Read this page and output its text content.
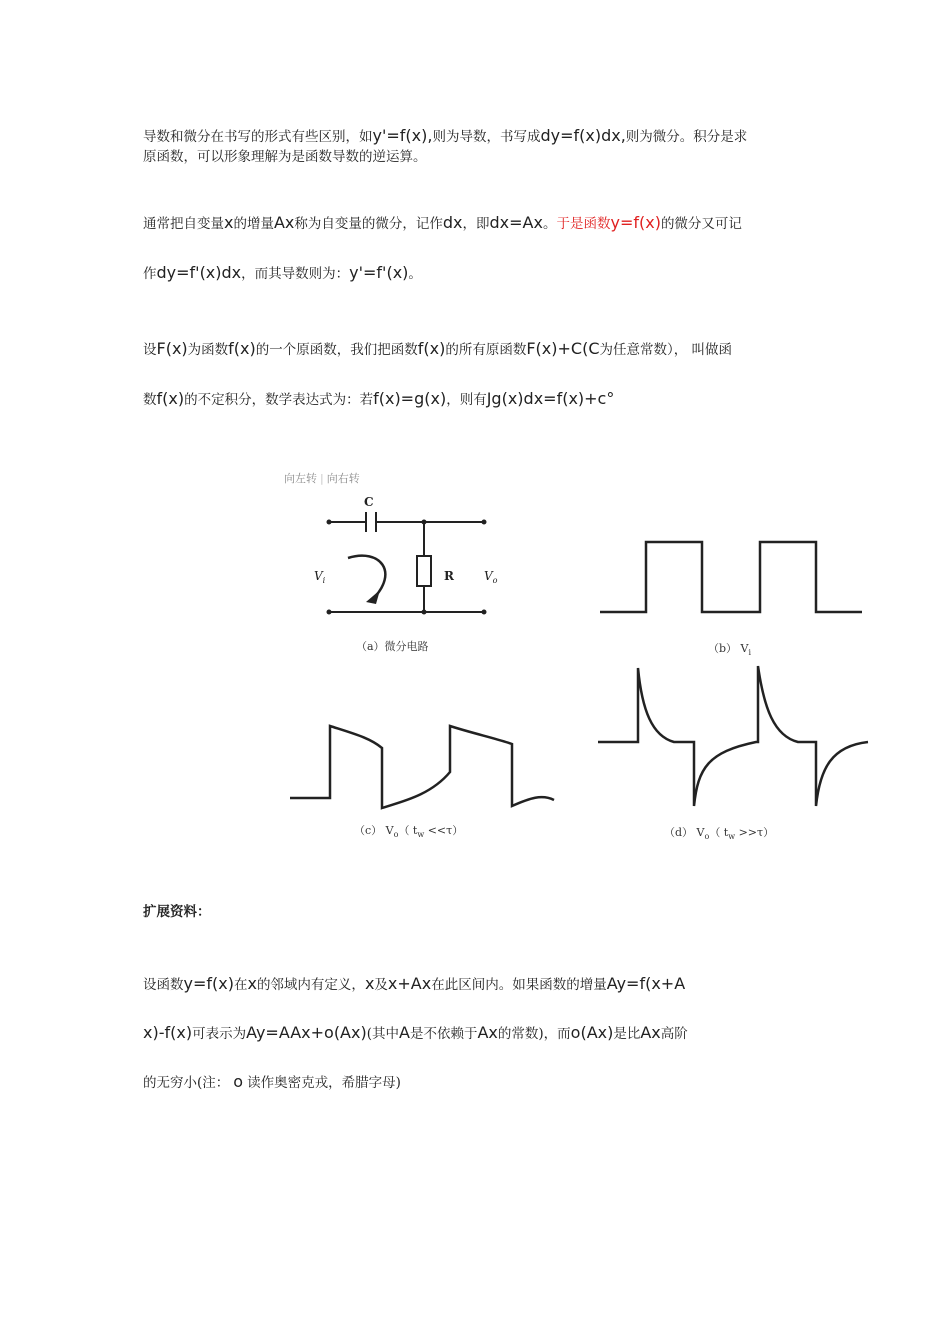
导数和微分在书写的形式有些区别，如y'=f(x),则为导数，书写成dy=f(x)dx,则为微分。积分是求

原函数，可以形象理解为是函数导数的逆运算。

通常把自变量x的增量Ax称为自变量的微分，记作dx，即dx=Ax。于是函数y=f(x)的微分又可记

作dy=f'(x)dx，而其导数则为：y'=f'(x)。

设F(x)为函数f(x)的一个原函数，我们把函数f(x)的所有原函数F(x)+C(C为任意常数）， 叫做函

数f(x)的不定积分，数学表达式为：若f(x)=g(x)，则有Jg(x)dx=f(x)+c°

向左转 | 向右转
C
R
$V_i$	$V_o$
（a）微分电路	（b） $V_i$
（c） $V_o$（ $t_w <<\tau$）	（d） $V_o$（ $t_w >>\tau$）

扩展资料：

设函数y=f(x)在x的邻域内有定义，x及x+Ax在此区间内。如果函数的增量Ay=f(x+A

x)-f(x)可表示为Ay=AAx+o(Ax)(其中A是不依赖于Ax的常数)，而o(Ax)是比Ax高阶

的无穷小(注： o 读作奥密克戎，希腊字母)
